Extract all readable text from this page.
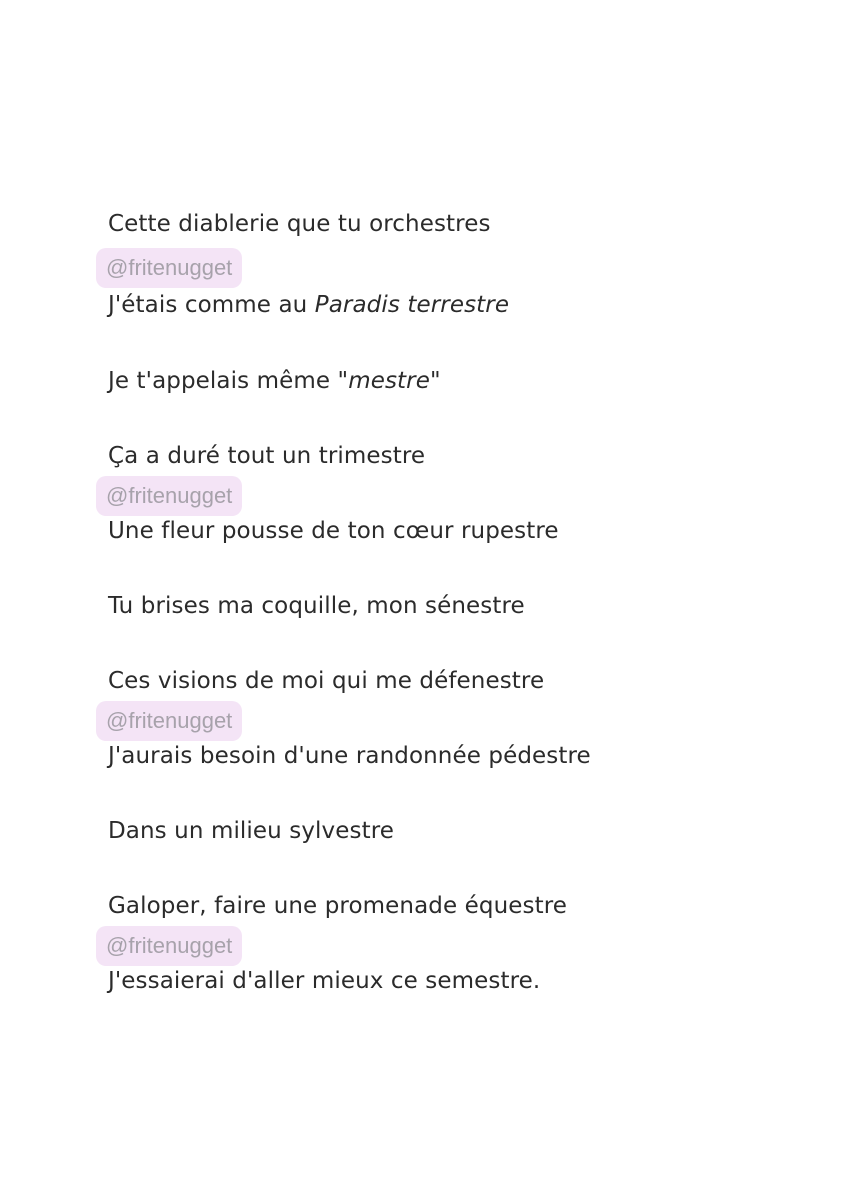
Cette diablerie que tu orchestres
@fritenugget
J'étais comme au Paradis terrestre
Je t'appelais même "mestre"
Ça a duré tout un trimestre
@fritenugget
Une fleur pousse de ton cœur rupestre
Tu brises ma coquille, mon sénestre
Ces visions de moi qui me défenestre
@fritenugget
J'aurais besoin d'une randonnée pédestre
Dans un milieu sylvestre
Galoper, faire une promenade équestre
@fritenugget
J'essaierai d'aller mieux ce semestre.
